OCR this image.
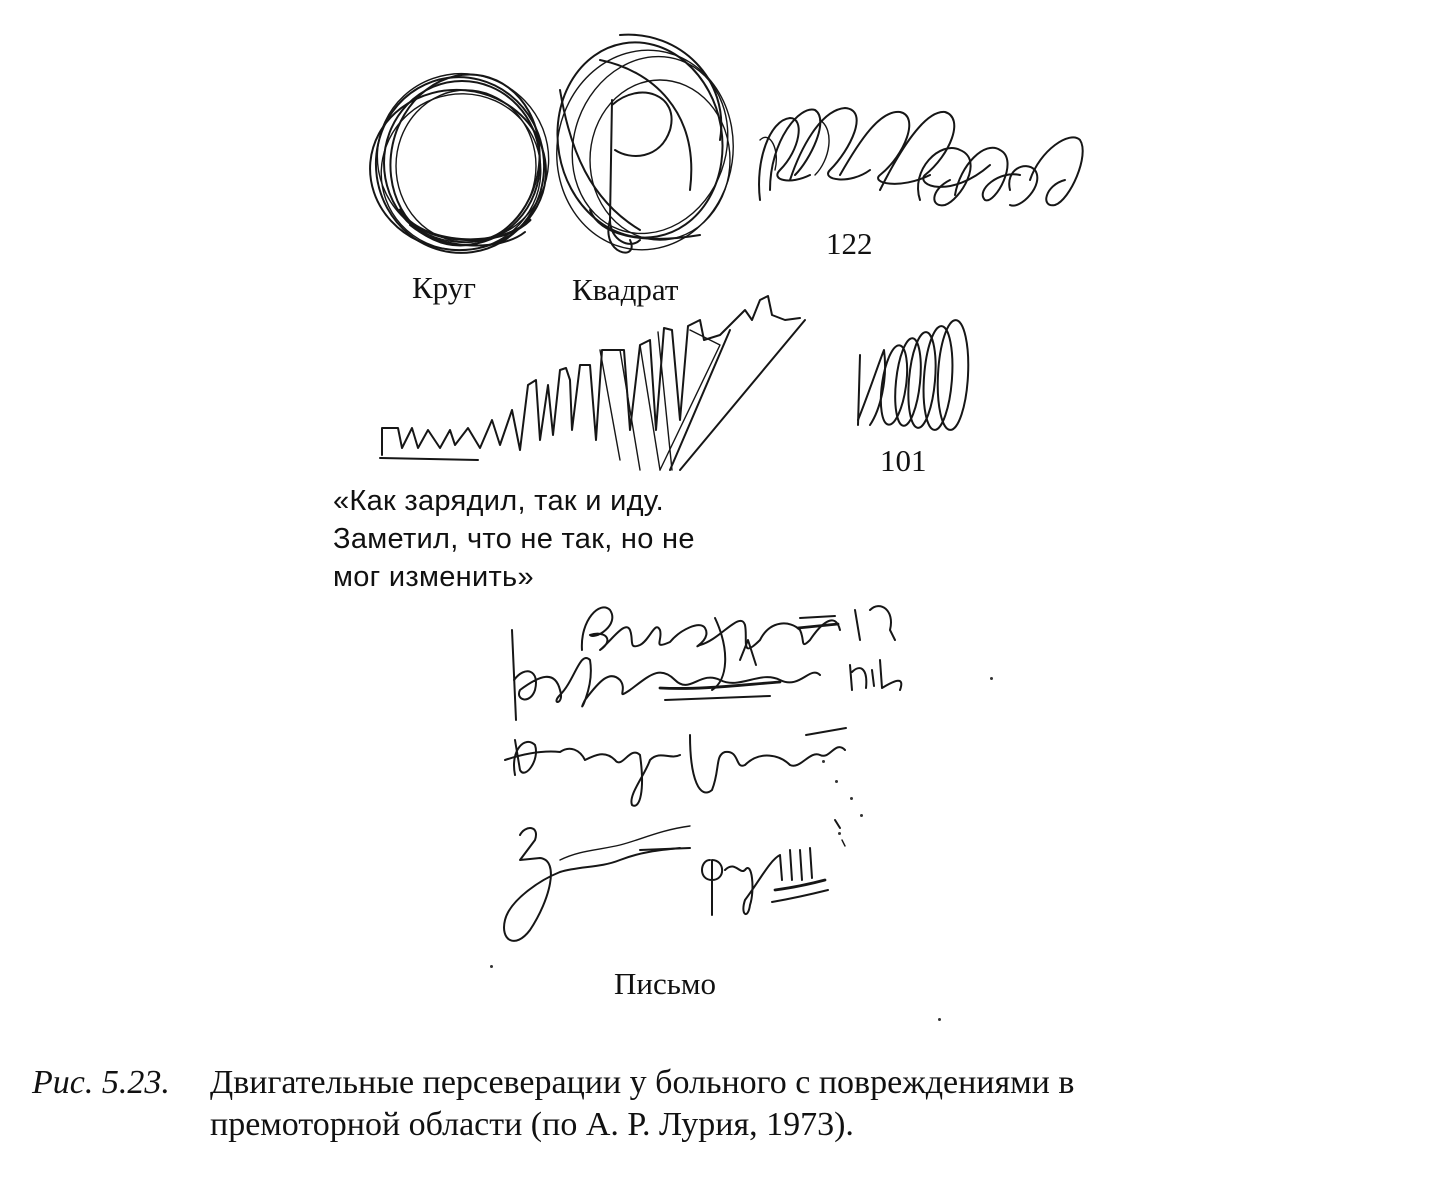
Круг	Квадрат
122
101
«Как зарядил, так и иду.
Заметил, что не так, но не
мог изменить»
Письмо
Рис. 5.23. Двигательные персеверации у больного с повреждениями в
премоторной области (по А. Р. Лурия, 1973).
